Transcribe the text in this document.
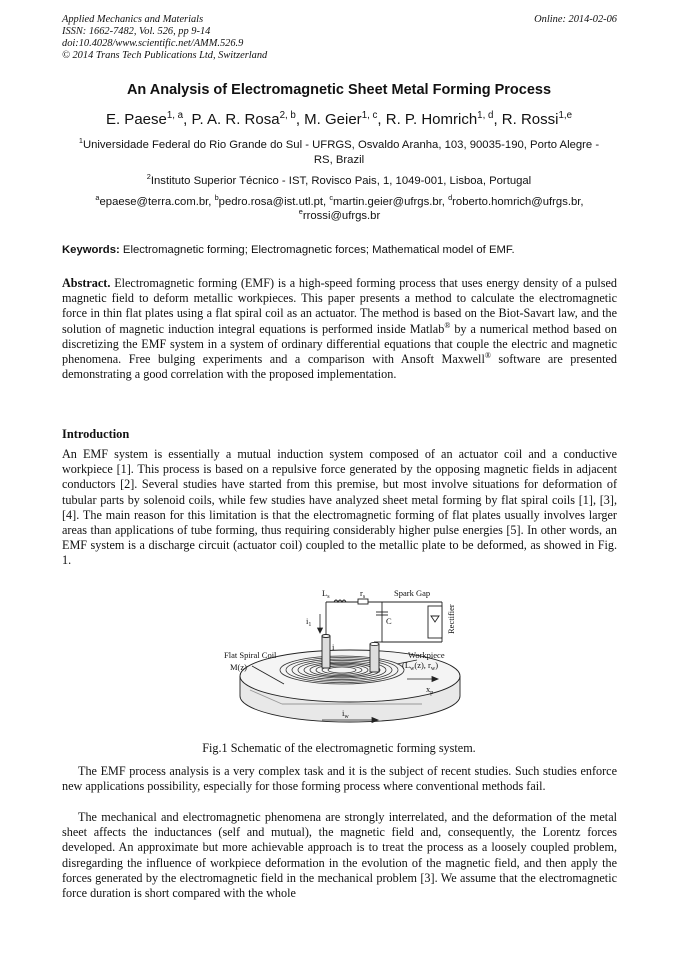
Applied Mechanics and Materials
ISSN: 1662-7482, Vol. 526, pp 9-14
doi:10.4028/www.scientific.net/AMM.526.9
© 2014 Trans Tech Publications Ltd, Switzerland
Online: 2014-02-06
An Analysis of Electromagnetic Sheet Metal Forming Process
E. Paese$^{1, a}$, P. A. R. Rosa$^{2, b}$, M. Geier$^{1, c}$, R. P. Homrich$^{1, d}$, R. Rossi$^{1,e}$
$^1$Universidade Federal do Rio Grande do Sul - UFRGS, Osvaldo Aranha, 103, 90035-190, Porto Alegre - RS, Brazil
$^2$Instituto Superior Técnico - IST, Rovisco Pais, 1, 1049-001, Lisboa, Portugal
$^a$epaese@terra.com.br, $^b$pedro.rosa@ist.utl.pt, $^c$martin.geier@ufrgs.br, $^d$roberto.homrich@ufrgs.br, $^e$rrossi@ufrgs.br
Keywords: Electromagnetic forming; Electromagnetic forces; Mathematical model of EMF.
Abstract. Electromagnetic forming (EMF) is a high-speed forming process that uses energy density of a pulsed magnetic field to deform metallic workpieces. This paper presents a method to calculate the electromagnetic force in thin flat plates using a flat spiral coil as an actuator. The method is based on the Biot-Savart law, and the solution of magnetic induction integral equations is performed inside Matlab® by a numerical method based on discretizing the EMF system in a system of ordinary differential equations that couple the electric and magnetic phenomena. Free bulging experiments and a comparison with Ansoft Maxwell® software are presented demonstrating a good correlation with the proposed implementation.
Introduction
An EMF system is essentially a mutual induction system composed of an actuator coil and a conductive workpiece [1]. This process is based on a repulsive force generated by the opposing magnetic fields in adjacent conductors [2]. Several studies have started from this premise, but most involve situations for deformation of tubular parts by solenoid coils, while few studies have analyzed sheet metal forming by flat spiral coils [1], [3], [4]. The main reason for this limitation is that the electromagnetic forming of flat plates usually involves larger areas than applications of tube forming, thus requiring considerably higher pulse energies [5]. In other words, an EMF system is a discharge circuit (actuator coil) coupled to the metallic plate to be deformed, as showed in Fig. 1.
$L_s$	$r_s$	Spark Gap
C	Rectifier
$i_1$
Flat Spiral Coil
M(z)
Workpiece
($L_w(z)$, $r_w$)
$x_p$
$i_w$
i
Fig.1 Schematic of the electromagnetic forming system.
The EMF process analysis is a very complex task and it is the subject of recent studies. Such studies enforce new applications possibility, especially for those forming process where conventional methods fail.
The mechanical and electromagnetic phenomena are strongly interrelated, and the deformation of the metal sheet affects the inductances (self and mutual), the magnetic field and, consequently, the Lorentz forces developed. An approximate but more achievable approach is to treat the process as a loosely coupled problem, disregarding the influence of workpiece deformation in the evolution of the magnetic field, and then apply the forces generated by the electromagnetic field in the mechanical problem [3]. We assume that the electromagnetic force duration is short compared with the whole
